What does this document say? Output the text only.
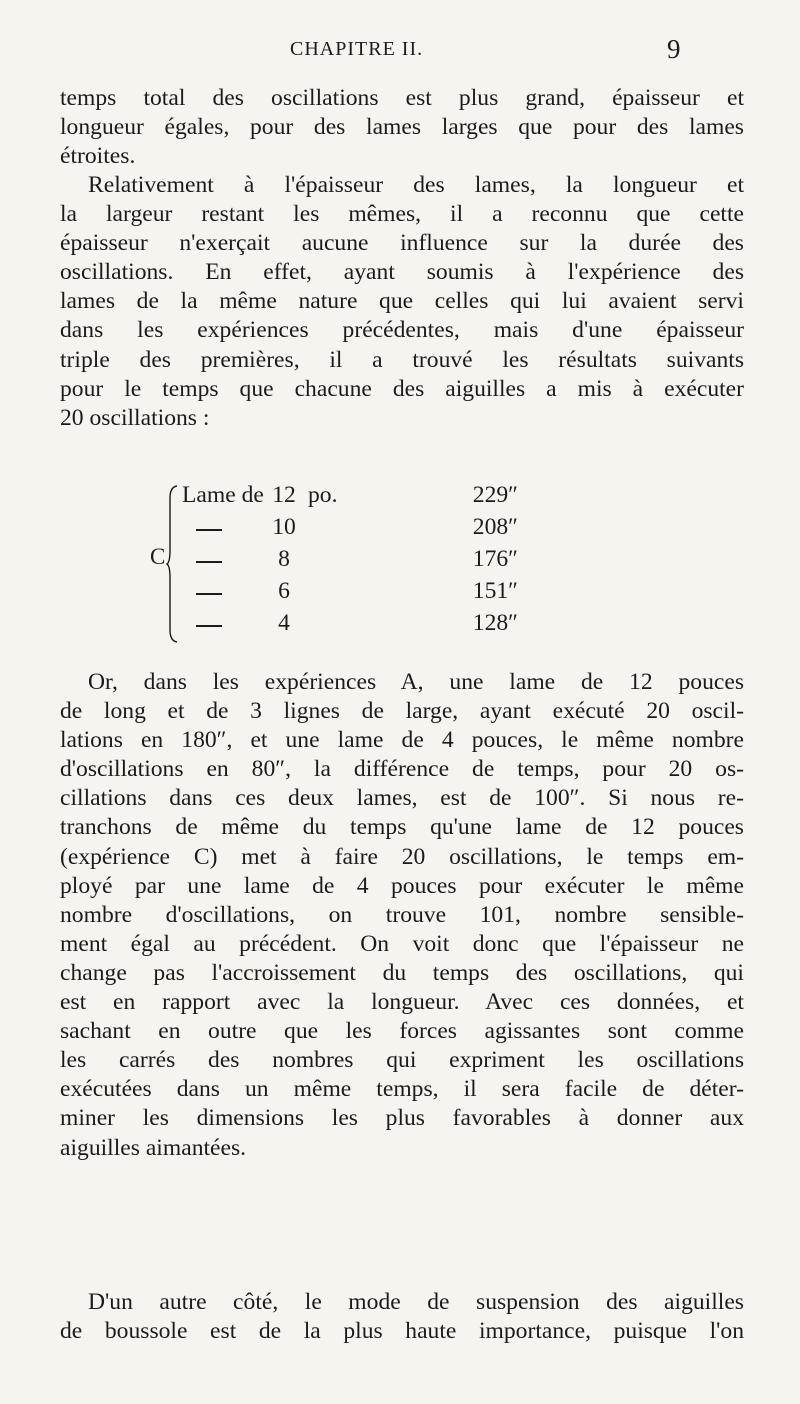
CHAPITRE II.	9
temps total des oscillations est plus grand, épaisseur et
longueur égales, pour des lames larges que pour des lames
étroites.
Relativement à l'épaisseur des lames, la longueur et
la largeur restant les mêmes, il a reconnu que cette
épaisseur n'exerçait aucune influence sur la durée des
oscillations. En effet, ayant soumis à l'expérience des
lames de la même nature que celles qui lui avaient servi
dans les expériences précédentes, mais d'une épaisseur
triple des premières, il a trouvé les résultats suivants
pour le temps que chacune des aiguilles a mis à exécuter
20 oscillations :
C
Lame de 12 po.	229″
10	208″
8	176″
6	151″
4	128″
Or, dans les expériences A, une lame de 12 pouces
de long et de 3 lignes de large, ayant exécuté 20 oscil-
lations en 180″, et une lame de 4 pouces, le même nombre
d'oscillations en 80″, la différence de temps, pour 20 os-
cillations dans ces deux lames, est de 100″. Si nous re-
tranchons de même du temps qu'une lame de 12 pouces
(expérience C) met à faire 20 oscillations, le temps em-
ployé par une lame de 4 pouces pour exécuter le même
nombre d'oscillations, on trouve 101, nombre sensible-
ment égal au précédent. On voit donc que l'épaisseur ne
change pas l'accroissement du temps des oscillations, qui
est en rapport avec la longueur. Avec ces données, et
sachant en outre que les forces agissantes sont comme
les carrés des nombres qui expriment les oscillations
exécutées dans un même temps, il sera facile de déter-
miner les dimensions les plus favorables à donner aux
aiguilles aimantées.
D'un autre côté, le mode de suspension des aiguilles
de boussole est de la plus haute importance, puisque l'on
